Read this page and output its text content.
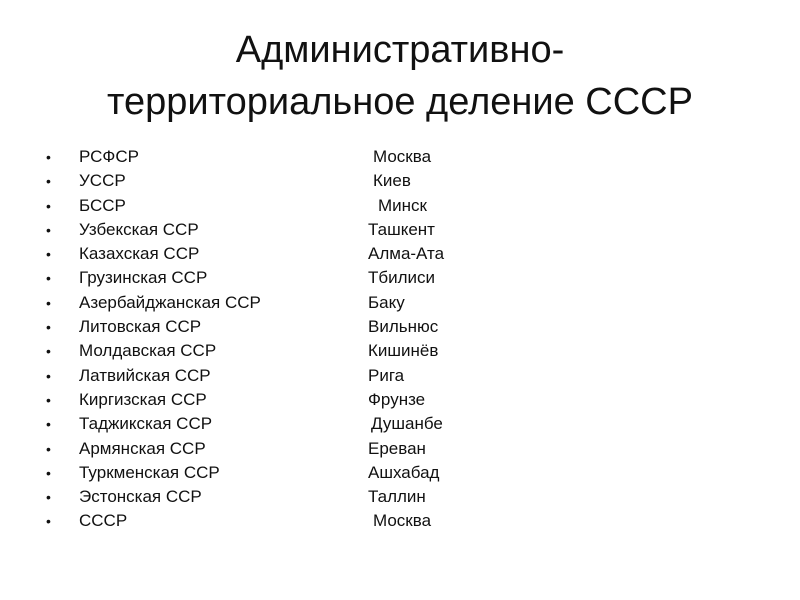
Административно-
территориальное деление СССР
• РСФСР	Москва
• УССР	Киев
• БССР	Минск
• Узбекская ССР	Ташкент
• Казахская ССР	Алма-Ата
• Грузинская ССР	Тбилиси
• Азербайджанская ССР	Баку
• Литовская ССР	Вильнюс
• Молдавская ССР	Кишинёв
• Латвийская ССР	Рига
• Киргизская ССР	Фрунзе
• Таджикская ССР	Душанбе
• Армянская ССР	Ереван
• Туркменская ССР	Ашхабад
• Эстонская ССР	Таллин
• СССР	Москва
